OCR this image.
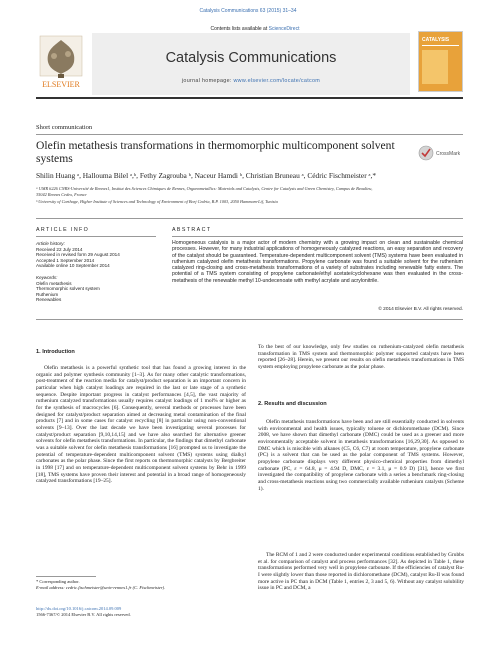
Catalysis Communications 63 (2015) 31–34
ELSEVIER
Contents lists available at ScienceDirect
Catalysis Communications
journal homepage: www.elsevier.com/locate/catcom
CATALYSIS
Short communication
Olefin metathesis transformations in thermomorphic multicomponent solvent systems	CrossMark
Shilin Huang ᵃ, Hallouma Bilel ᵃ,ᵇ, Fethy Zagrouba ᵇ, Naceur Hamdi ᵇ, Christian Bruneau ᵃ, Cédric Fischmeister ᵃ,*
ᵃ UMR 6226 CNRS-Université de Rennes1, Institut des Sciences Chimiques de Rennes, Organometallics: Materials and Catalysis, Centre for Catalysis and Green Chemistry, Campus de Beaulieu,
35042 Rennes Cedex, France
ᵇ University of Carthage, Higher Institute of Sciences and Technology of Environment of Borj Cedria, B.P. 1003, 2050 Hammam-Lif, Tunisia
ARTICLE INFO
Article history:
Received 22 July 2014
Received in revised form 29 August 2014
Accepted 1 September 2014
Available online 10 September 2014
Keywords:
Olefin metathesis
Thermomorphic solvent system
Ruthenium
Renewables
ABSTRACT
Homogeneous catalysis is a major actor of modern chemistry with a growing impact on clean and sustainable chemical processes. However, for many industrial applications of homogeneously catalyzed reactions, an easy separation and recovery of the catalyst should be guaranteed. Temperature-dependent multicomponent solvent (TMS) systems have been evaluated in ruthenium catalyzed olefin metathesis transformations. Propylene carbonate was found a suitable solvent for the ruthenium catalyzed ring-closing and cross-metathesis transformations of a variety of substrates including renewable fatty esters. The potential of a TMS system consisting of propylene carbonate/ethyl acetate/cyclohexane was then evaluated in the cross-metathesis of the renewable methyl 10-undecenoate with methyl acrylate and acrylonitrile.
© 2014 Elsevier B.V. All rights reserved.
1. Introduction
Olefin metathesis is a powerful synthetic tool that has found a growing interest in the organic and polymer synthesis community [1–3]. As for many other catalytic transformations, post-treatment of the reaction media for catalyst/product separation is an important concern in particular when high catalyst loadings are required in the last or late stage of a synthetic sequence. Despite important progress in catalyst performances [4,5], the vast majority of ruthenium catalyzed transformations usually requires catalyst loadings of 1 mol% or higher as for the synthesis of macrocycles [6]. Consequently, several methods or processes have been designed for catalyst/product separation aimed at decreasing metal contamination of the final products [7] and in some cases for catalyst recycling [8] in particular using non-conventional solvents [9–13]. Over the last decade we have been investigating several processes for catalyst/product separation [9,10,14,15] and we have also searched for alternative greener solvents for olefin metathesis transformations. In particular, the findings that dimethyl carbonate was a suitable solvent for olefin metathesis transformations [16] prompted us to investigate the potential of temperature-dependent multicomponent solvent (TMS) systems using dialkyl carbonates as the polar phase. Since the first reports on thermomorphic catalysts by Bergbreiter in 1998 [17] and on temperature-dependent multicomponent solvent systems by Behr in 1999 [18], TMS systems have proven their interest and potential in a broad range of homogeneously catalyzed transformations [19–25].
To the best of our knowledge, only few studies on ruthenium-catalyzed olefin metathesis transformation in TMS system and thermomorphic polymer supported catalysts have been reported [26–28]. Herein, we present our results on olefin metathesis transformations in TMS system employing propylene carbonate as the polar phase.
2. Results and discussion
Olefin metathesis transformations have been and are still essentially conducted in solvents with environmental and health issues, typically toluene or dichloromethane (DCM). Since 2008, we have shown that dimethyl carbonate (DMC) could be used as a greener and more environmentally acceptable solvent in metathesis transformations [16,29,30]. As opposed to DMC which is miscible with alkanes (C5, C6, C7) at room temperature, propylene carbonate (PC) is a solvent that can be used as the polar component of TMS systems. However, propylene carbonate displays very different physico-chemical properties from dimethyl carbonate (PC, ε = 64.8, μ = 4.94 D, DMC, ε = 3.1, μ = 0.9 D) [31], hence we first investigated the compatibility of propylene carbonate with a series a benchmark ring-closing and cross-metathesis reactions using two commercially available ruthenium catalysts (Scheme 1).
The RCM of 1 and 2 were conducted under experimental conditions established by Grubbs et al. for comparison of catalyst and process performances [32]. As depicted in Table 1, these transformations performed very well in propylene carbonate. If the efficiencies of catalyst Ru-I were slightly lower than those reported in dichloromethane (DCM), catalyst Ru-II was found more active in PC than in DCM (Table 1, entries 2, 3 and 5, 6). Without any catalyst solubility issue in PC and DCM, a
* Corresponding author.
E-mail address: cedric.fischmeister@univ-rennes1.fr (C. Fischmeister).
http://dx.doi.org/10.1016/j.catcom.2014.09.009
1566-7367/© 2014 Elsevier B.V. All rights reserved.
